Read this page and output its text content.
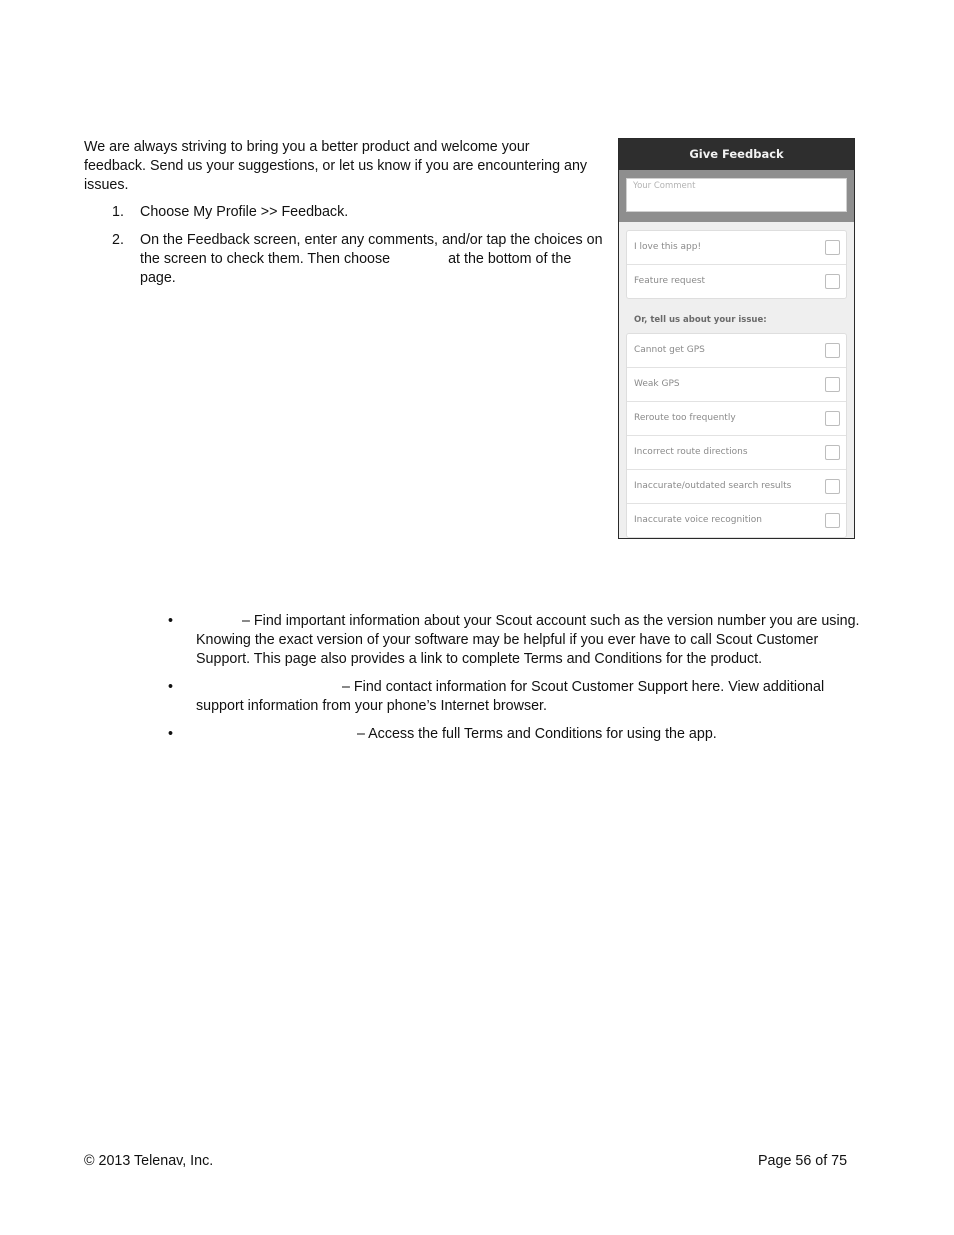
We are always striving to bring you a better product and welcome your feedback. Send us your suggestions, or let us know if you are encountering any issues.

1. Choose My Profile >> Feedback.
2. On the Feedback screen, enter any comments, and/or tap the choices on the screen to check them. Then choose	at the bottom of the page.
Give Feedback
Your Comment
I love this app!
Feature request
Or, tell us about your issue:
Cannot get GPS
Weak GPS
Reroute too frequently
Incorrect route directions
Inaccurate/outdated search results
Inaccurate voice recognition
•	– Find important information about your Scout account such as the version number you are using. Knowing the exact version of your software may be helpful if you ever have to call Scout Customer Support. This page also provides a link to complete Terms and Conditions for the product.
•	– Find contact information for Scout Customer Support here. View additional support information from your phone’s Internet browser.
•	– Access the full Terms and Conditions for using the app.
© 2013 Telenav, Inc.	Page 56 of 75
